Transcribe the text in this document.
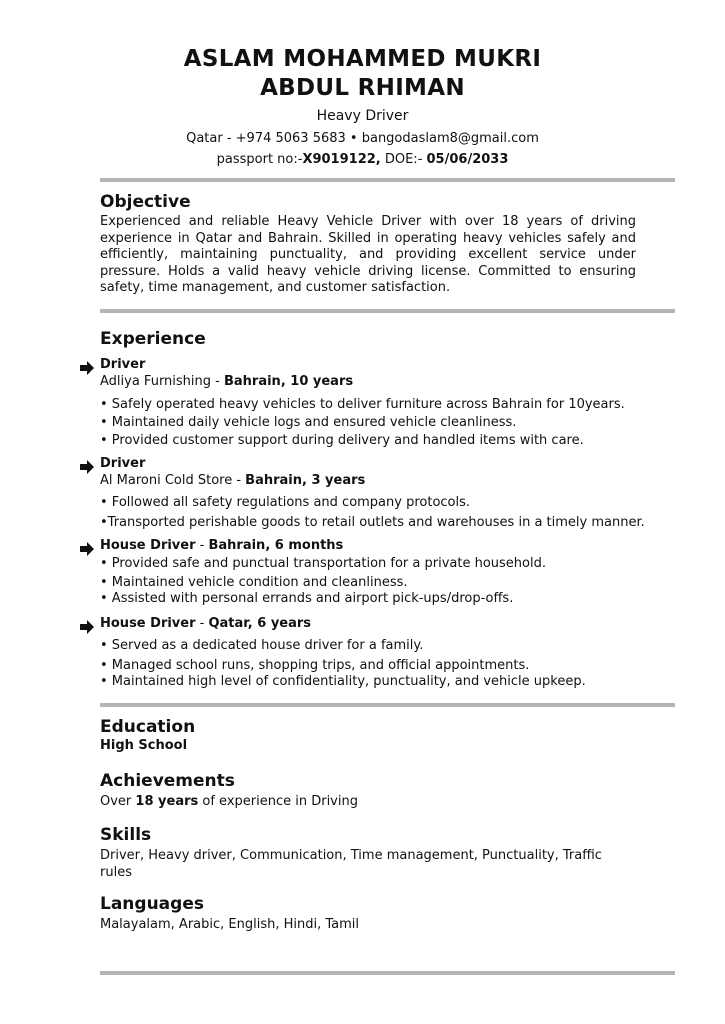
ASLAM MOHAMMED MUKRI
ABDUL RHIMAN
Heavy Driver
Qatar - +974 5063 5683 • bangodaslam8@gmail.com
passport no:-X9019122, DOE:- 05/06/2033
Objective

Experienced and reliable Heavy Vehicle Driver with over 18 years of driving experience in Qatar and Bahrain. Skilled in operating heavy vehicles safely and efficiently, maintaining punctuality, and providing excellent service under pressure. Holds a valid heavy vehicle driving license. Committed to ensuring safety, time management, and customer satisfaction.

Experience
Driver
Adliya Furnishing - Bahrain, 10 years
• Safely operated heavy vehicles to deliver furniture across Bahrain for 10years.
• Maintained daily vehicle logs and ensured vehicle cleanliness.
• Provided customer support during delivery and handled items with care.
Driver
Al Maroni Cold Store - Bahrain, 3 years
• Followed all safety regulations and company protocols.
•Transported perishable goods to retail outlets and warehouses in a timely manner.
House Driver - Bahrain, 6 months
• Provided safe and punctual transportation for a private household.
• Maintained vehicle condition and cleanliness.
• Assisted with personal errands and airport pick-ups/drop-offs.
House Driver - Qatar, 6 years
• Served as a dedicated house driver for a family.
• Managed school runs, shopping trips, and official appointments.
• Maintained high level of confidentiality, punctuality, and vehicle upkeep.
Education
High School
Achievements
Over 18 years of experience in Driving
Skills
Driver, Heavy driver, Communication, Time management, Punctuality, Traffic
rules
Languages
Malayalam, Arabic, English, Hindi, Tamil
